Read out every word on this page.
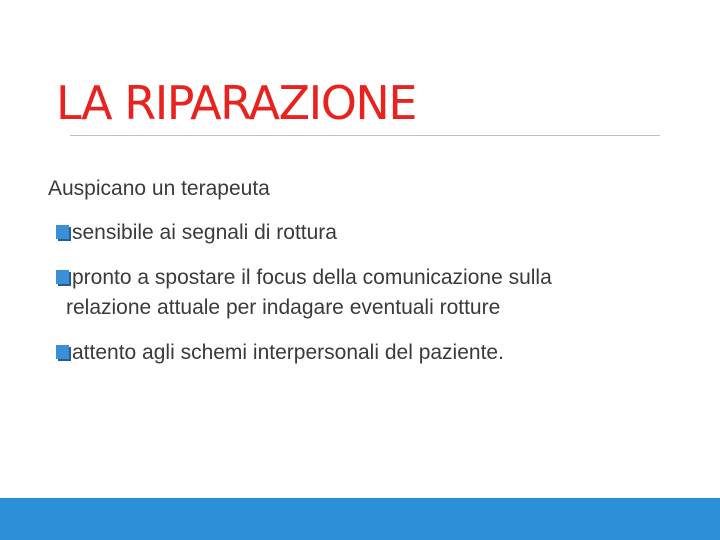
LA RIPARAZIONE

Auspicano un terapeuta

sensibile ai segnali di rottura
pronto a spostare il focus della comunicazione sulla relazione attuale per indagare eventuali rotture
attento agli schemi interpersonali del paziente.
